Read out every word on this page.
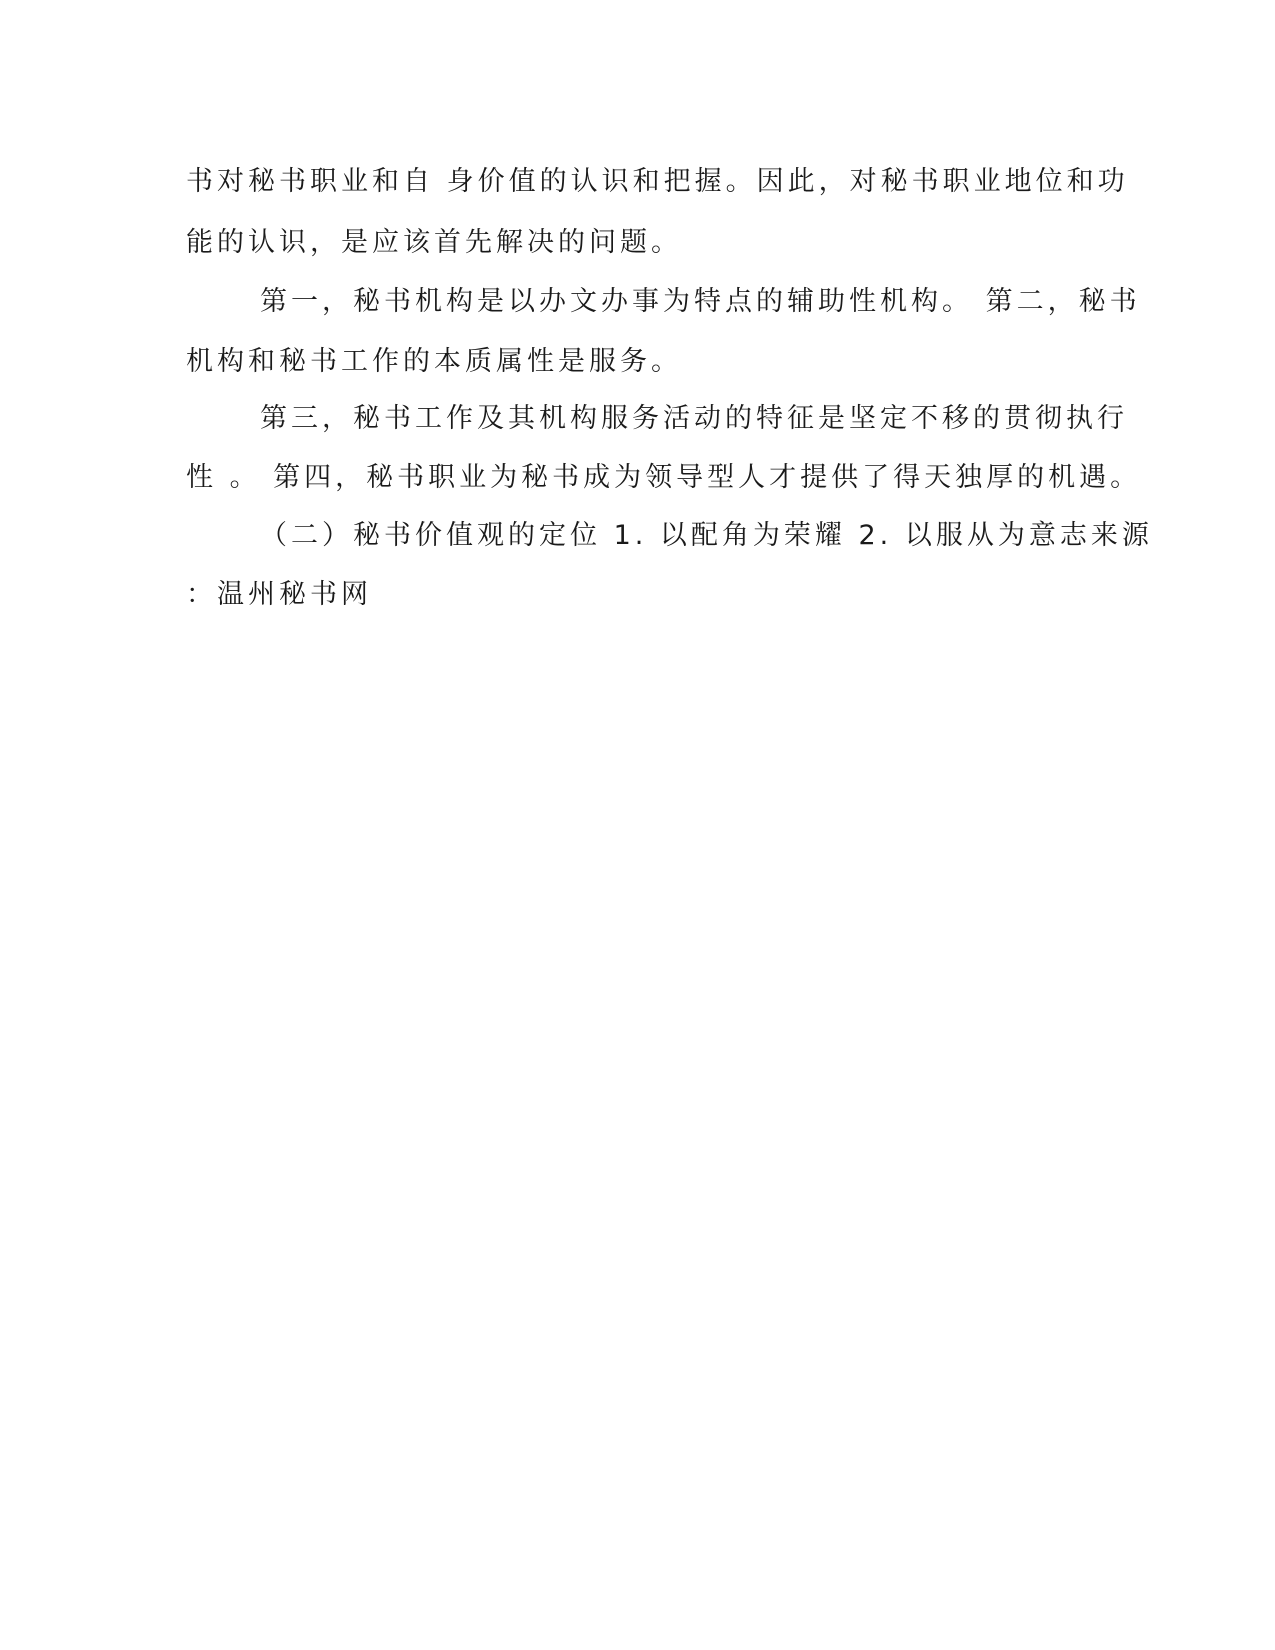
书对秘书职业和自 身价值的认识和把握。因此，对秘书职业地位和功
能的认识，是应该首先解决的问题。
第一，秘书机构是以办文办事为特点的辅助性机构。 第二，秘书
机构和秘书工作的本质属性是服务。
第三，秘书工作及其机构服务活动的特征是坚定不移的贯彻执行
性 。 第四，秘书职业为秘书成为领导型人才提供了得天独厚的机遇。
（二）秘书价值观的定位 1. 以配角为荣耀 2. 以服从为意志来源
：温州秘书网
